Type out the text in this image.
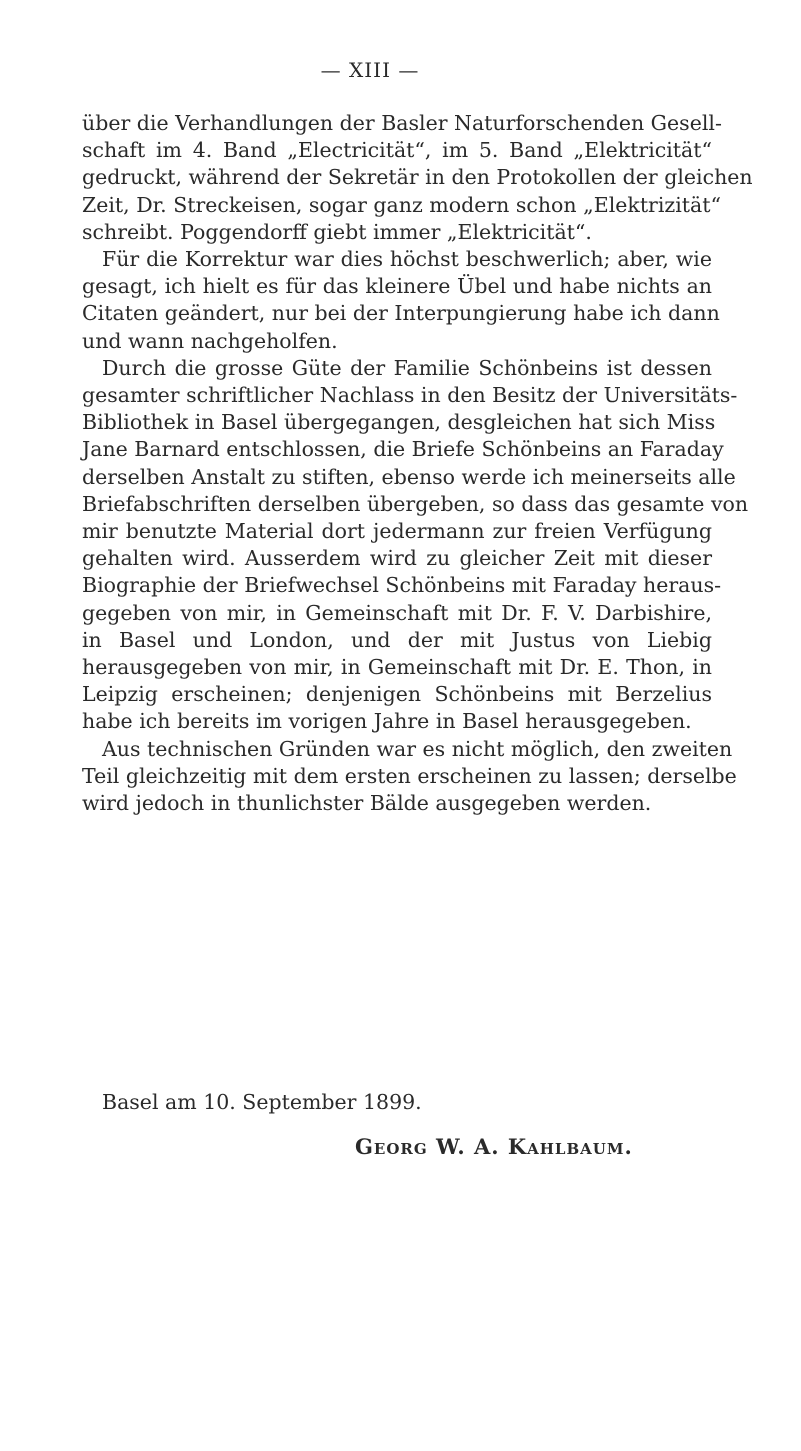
— XIII —
über die Verhandlungen der Basler Naturforschenden Gesell-
schaft im 4. Band „Electricität“, im 5. Band „Elektricität“
gedruckt, während der Sekretär in den Protokollen der gleichen
Zeit, Dr. Streckeisen, sogar ganz modern schon „Elektrizität“
schreibt. Poggendorff giebt immer „Elektricität“.
Für die Korrektur war dies höchst beschwerlich; aber, wie
gesagt, ich hielt es für das kleinere Übel und habe nichts an
Citaten geändert, nur bei der Interpungierung habe ich dann
und wann nachgeholfen.
Durch die grosse Güte der Familie Schönbeins ist dessen
gesamter schriftlicher Nachlass in den Besitz der Universitäts-
Bibliothek in Basel übergegangen, desgleichen hat sich Miss
Jane Barnard entschlossen, die Briefe Schönbeins an Faraday
derselben Anstalt zu stiften, ebenso werde ich meinerseits alle
Briefabschriften derselben übergeben, so dass das gesamte von
mir benutzte Material dort jedermann zur freien Verfügung
gehalten wird. Ausserdem wird zu gleicher Zeit mit dieser
Biographie der Briefwechsel Schönbeins mit Faraday heraus-
gegeben von mir, in Gemeinschaft mit Dr. F. V. Darbishire,
in Basel und London, und der mit Justus von Liebig
herausgegeben von mir, in Gemeinschaft mit Dr. E. Thon, in
Leipzig erscheinen; denjenigen Schönbeins mit Berzelius
habe ich bereits im vorigen Jahre in Basel herausgegeben.
Aus technischen Gründen war es nicht möglich, den zweiten
Teil gleichzeitig mit dem ersten erscheinen zu lassen; derselbe
wird jedoch in thunlichster Bälde ausgegeben werden.
Basel am 10. September 1899.
Georg W. A. Kahlbaum.
